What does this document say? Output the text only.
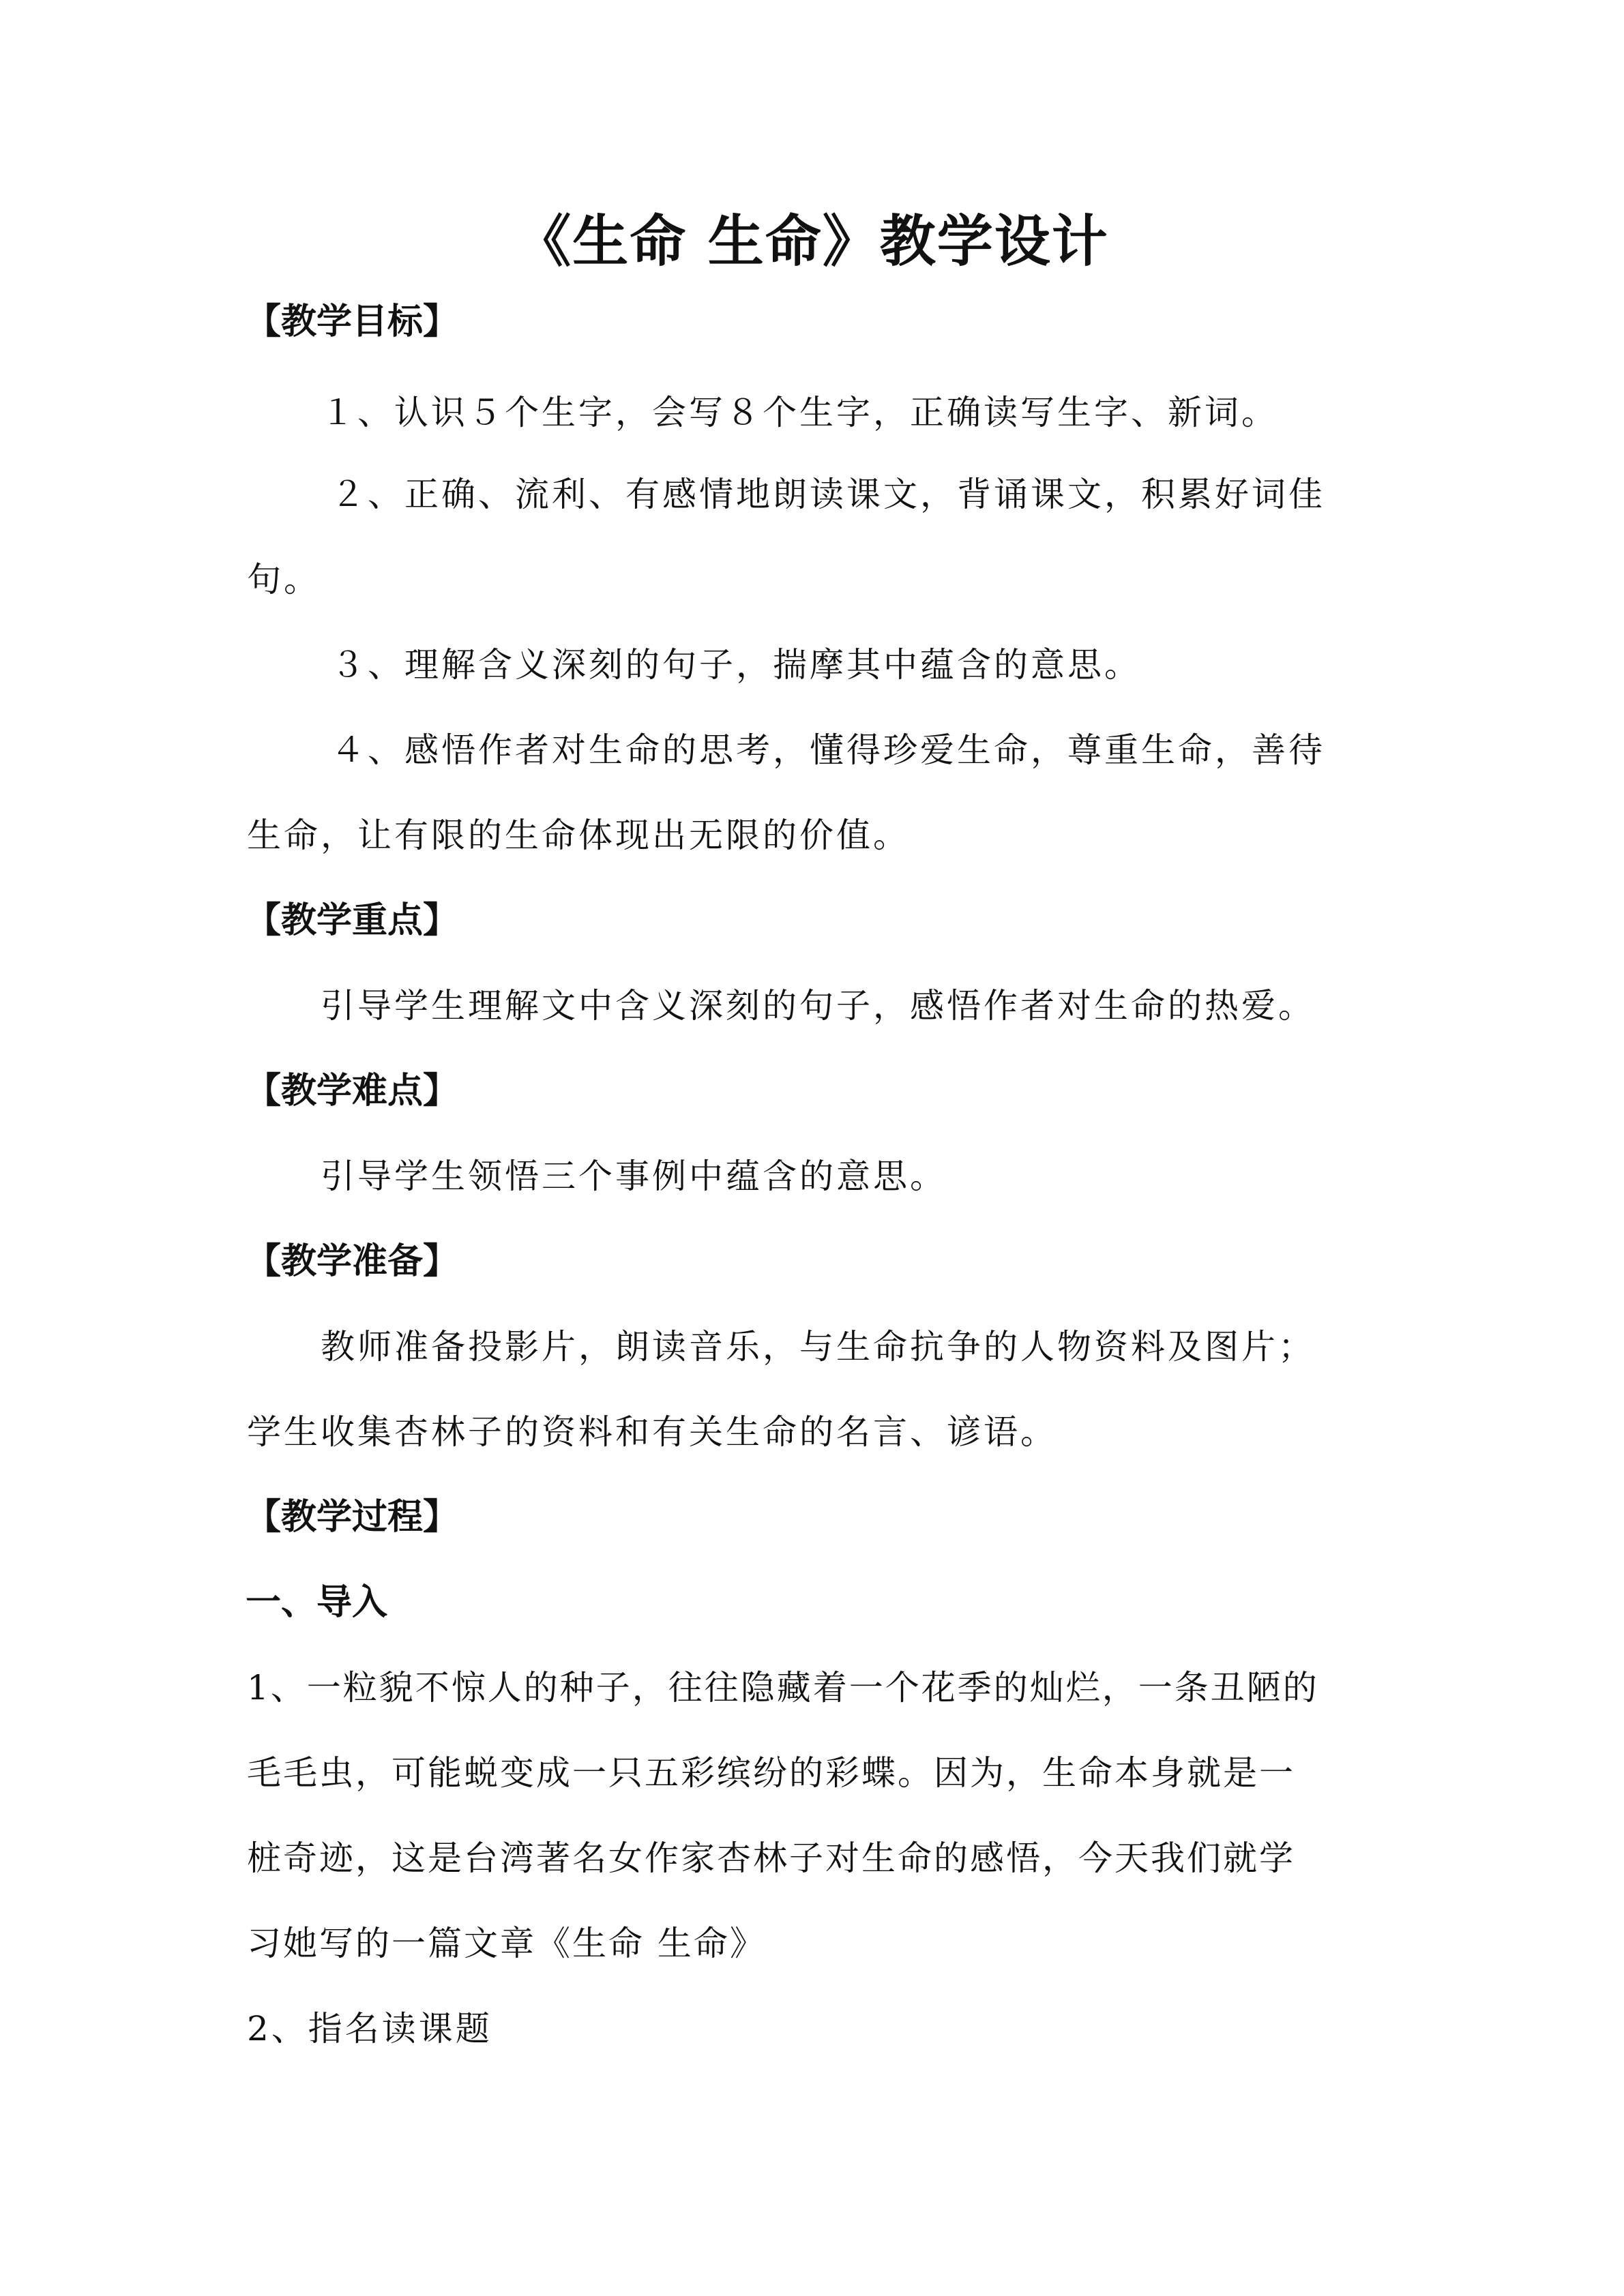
《生命 生命》教学设计
【教学目标】
１、认识５个生字，会写８个生字，正确读写生字、新词。
２、正确、流利、有感情地朗读课文，背诵课文，积累好词佳
句。
３、理解含义深刻的句子，揣摩其中蕴含的意思。
４、感悟作者对生命的思考，懂得珍爱生命，尊重生命，善待
生命，让有限的生命体现出无限的价值。
【教学重点】
引导学生理解文中含义深刻的句子，感悟作者对生命的热爱。
【教学难点】
引导学生领悟三个事例中蕴含的意思。
【教学准备】
教师准备投影片，朗读音乐，与生命抗争的人物资料及图片；
学生收集杏林子的资料和有关生命的名言、谚语。
【教学过程】
一、导入
1、一粒貌不惊人的种子，往往隐藏着一个花季的灿烂，一条丑陋的
毛毛虫，可能蜕变成一只五彩缤纷的彩蝶。因为，生命本身就是一
桩奇迹，这是台湾著名女作家杏林子对生命的感悟，今天我们就学
习她写的一篇文章《生命 生命》
2、指名读课题
